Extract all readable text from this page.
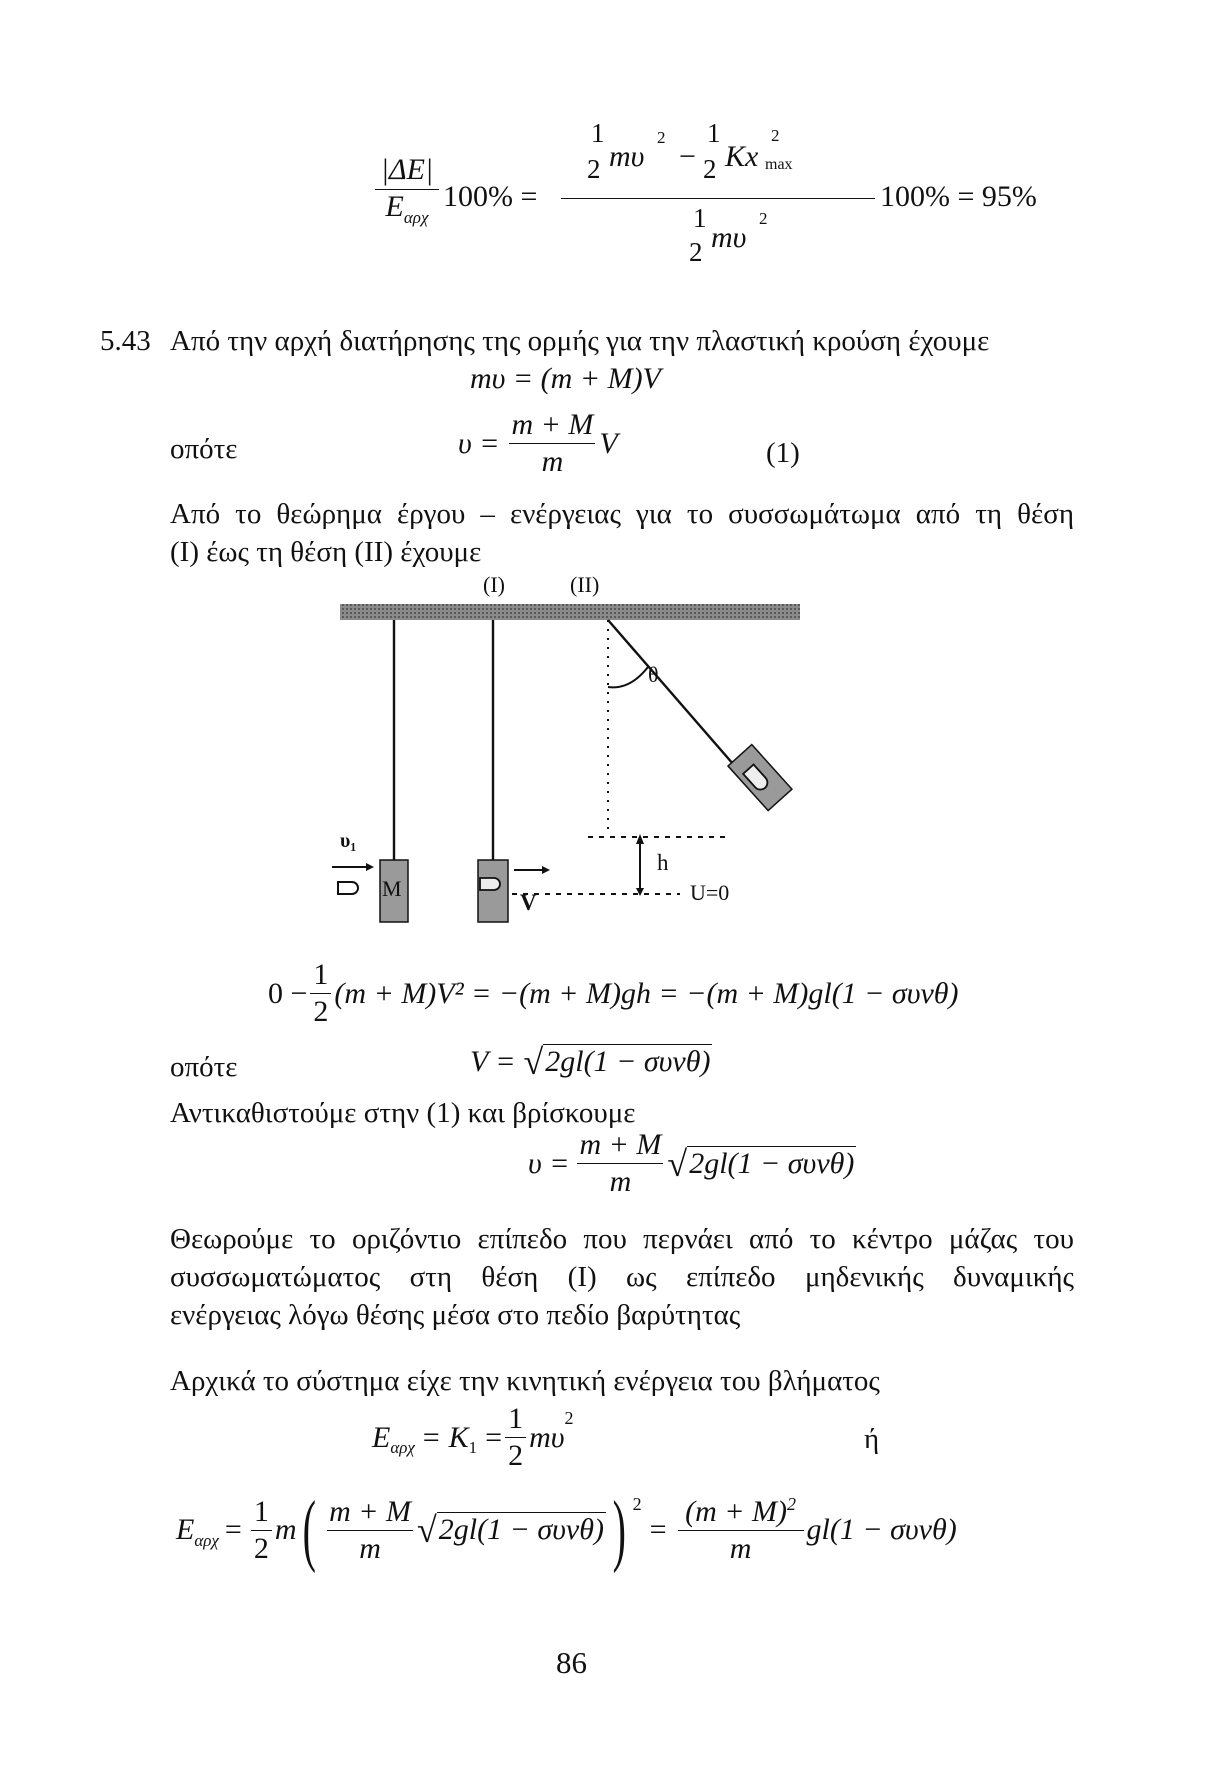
|ΔE|
$E_{\alpha\rho\chi}$
100% =
1
2 mυ
2
−
1
2 Kx
2
max
1
2 mυ
2
100% = 95%
5.43 Από την αρχή διατήρησης της ορμής για την πλαστική κρούση έχουμε
mυ = (m + M)V
οπότε	$\upsilon = \frac{m + M}{m}$ V	(1)
Από το θεώρημα έργου – ενέργειας για το συσσωμάτωμα από τη θέση
(I) έως τη θέση (II) έχουμε
(I)	(II)
θ
h
U=0
υ₁
V
M
$0 - \frac{1}{2} (m + M)V^2 = -(m + M)gh = -(m + M)gl(1 - \sigma\upsilon\nu\theta)$
οπότε	V = √ 2gl(1 − συνθ)
Αντικαθιστούμε στην (1) και βρίσκουμε
$\upsilon = \frac{m + M}{m}$ √ 2gl(1 − συνθ)
Θεωρούμε το οριζόντιο επίπεδο που περνάει από το κέντρο μάζας του
συσσωματώματος στη θέση (I) ως επίπεδο μηδενικής δυναμικής
ενέργειας λόγω θέσης μέσα στο πεδίο βαρύτητας
Αρχικά το σύστημα είχε την κινητική ενέργεια του βλήματος
$E_{\alpha\rho\chi} = K_1 = \frac{1}{2}$ mυ
$^2$
ή
$E_{\alpha\rho\chi} = \frac{1}{2}$ m ( $\frac{m + M}{m}$ √ 2gl(1 − συνθ) ) $^2$
= $\frac{(m + M)^2}{m} gl(1 - \sigma\upsilon\nu\theta)$
86
